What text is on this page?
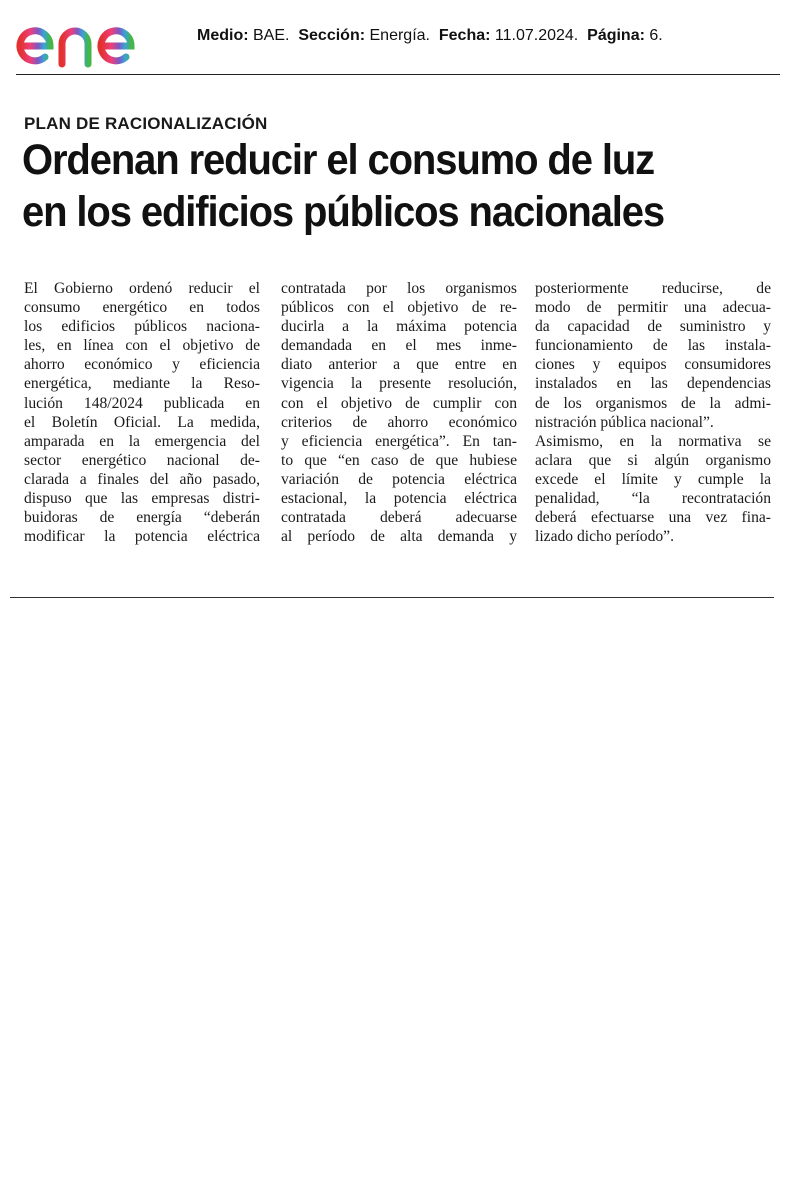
Medio: BAE. Sección: Energía. Fecha: 11.07.2024. Página: 6.
PLAN DE RACIONALIZACIÓN
Ordenan reducir el consumo de luz
en los edificios públicos nacionales
El Gobierno ordenó reducir el
consumo energético en todos
los edificios públicos naciona-
les, en línea con el objetivo de
ahorro económico y eficiencia
energética, mediante la Reso-
lución 148/2024 publicada en
el Boletín Oficial. La medida,
amparada en la emergencia del
sector energético nacional de-
clarada a finales del año pasado,
dispuso que las empresas distri-
buidoras de energía “deberán
modificar la potencia eléctrica
contratada por los organismos
públicos con el objetivo de re-
ducirla a la máxima potencia
demandada en el mes inme-
diato anterior a que entre en
vigencia la presente resolución,
con el objetivo de cumplir con
criterios de ahorro económico
y eficiencia energética”. En tan-
to que “en caso de que hubiese
variación de potencia eléctrica
estacional, la potencia eléctrica
contratada deberá adecuarse
al período de alta demanda y
posteriormente reducirse, de
modo de permitir una adecua-
da capacidad de suministro y
funcionamiento de las instala-
ciones y equipos consumidores
instalados en las dependencias
de los organismos de la admi-
nistración pública nacional”.
Asimismo, en la normativa se
aclara que si algún organismo
excede el límite y cumple la
penalidad, “la recontratación
deberá efectuarse una vez fina-
lizado dicho período”.
